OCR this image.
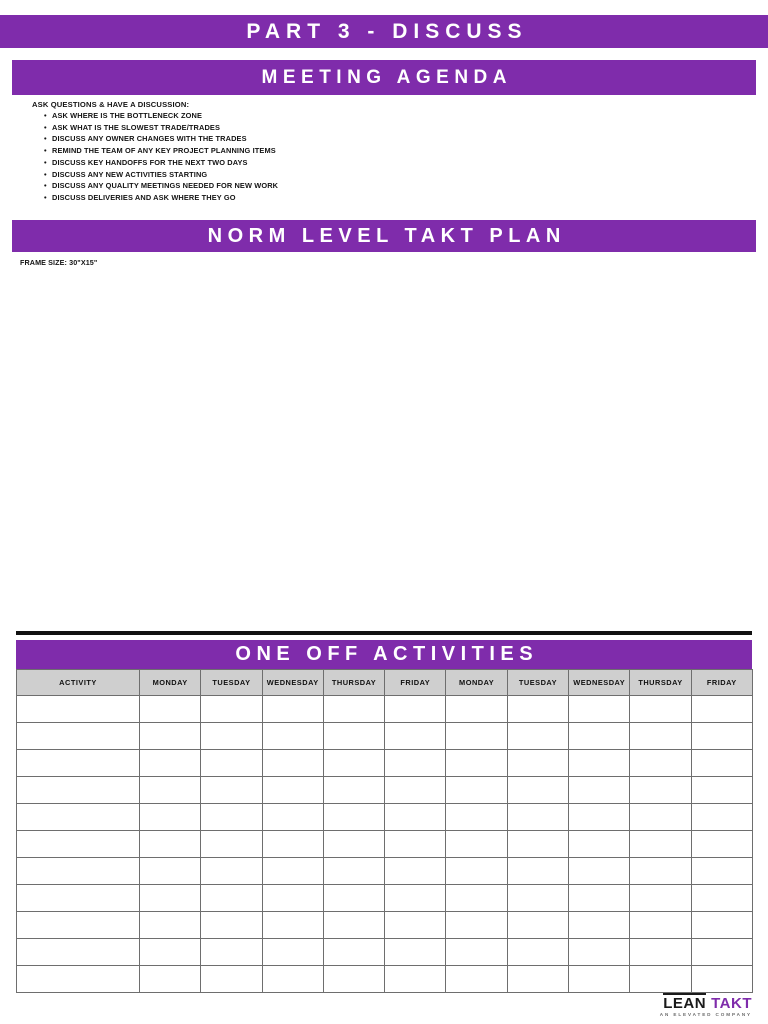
PART 3 - DISCUSS
MEETING AGENDA
ASK QUESTIONS & HAVE A DISCUSSION:
• ASK WHERE IS THE BOTTLENECK ZONE
• ASK WHAT IS THE SLOWEST TRADE/TRADES
• DISCUSS ANY OWNER CHANGES WITH THE TRADES
• REMIND THE TEAM OF ANY KEY PROJECT PLANNING ITEMS
• DISCUSS KEY HANDOFFS FOR THE NEXT TWO DAYS
• DISCUSS ANY NEW ACTIVITIES STARTING
• DISCUSS ANY QUALITY MEETINGS NEEDED FOR NEW WORK
• DISCUSS DELIVERIES AND ASK WHERE THEY GO
NORM LEVEL TAKT PLAN
FRAME SIZE: 30"X15"
ONE OFF ACTIVITIES
ACTIVITY	MONDAY	TUESDAY	WEDNESDAY	THURSDAY	FRIDAY	MONDAY	TUESDAY	WEDNESDAY	THURSDAY	FRIDAY

LEAN TAKT
AN ELEVATED COMPANY
